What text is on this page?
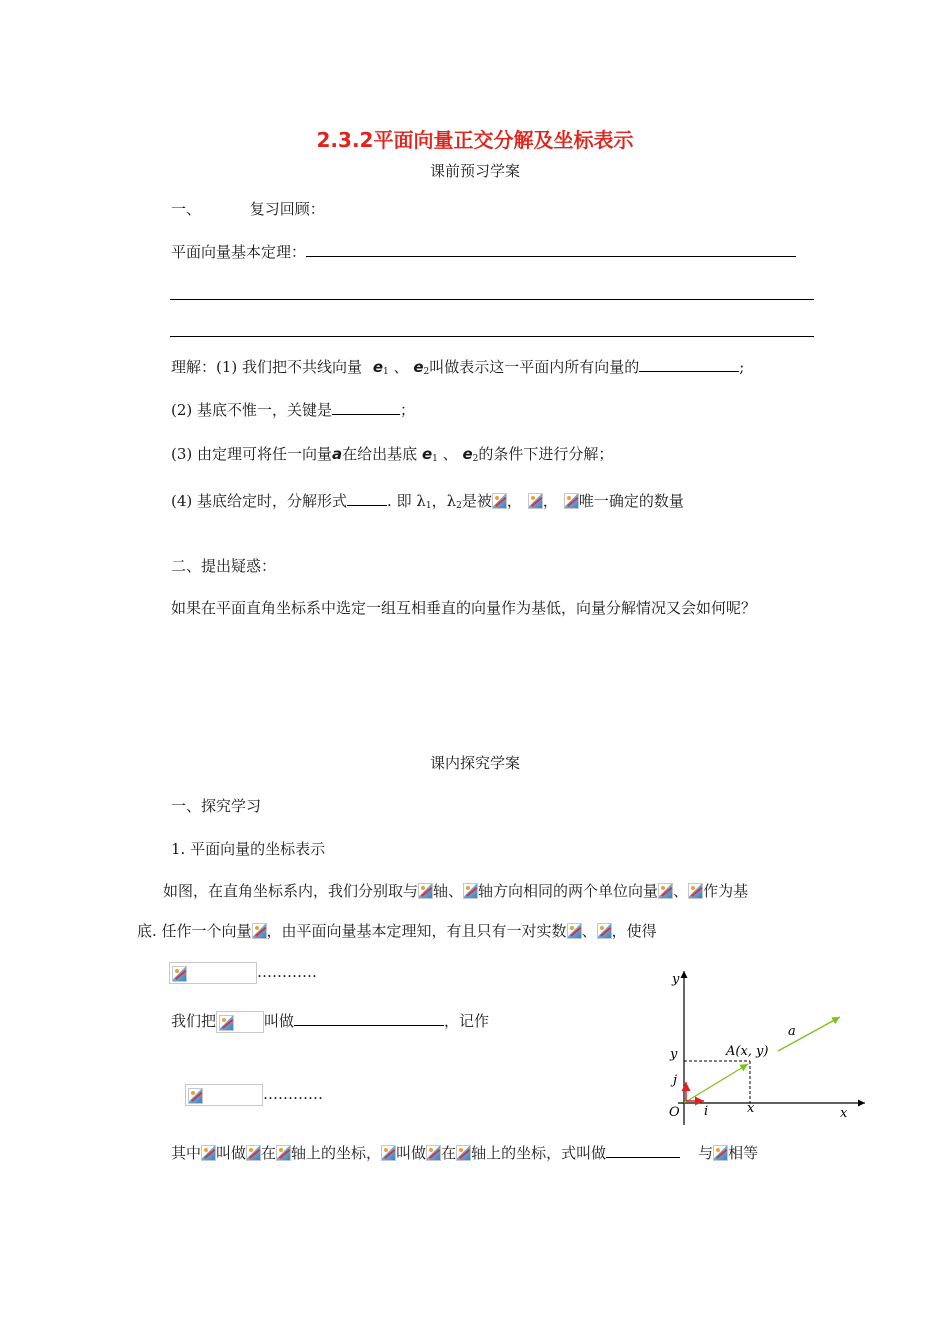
2.3.2平面向量正交分解及坐标表示
课前预习学案
一、	复习回顾：
平面向量基本定理：
理解：(1) 我们把不共线向量 $e_1$ 、 $e_2$叫做表示这一平面内所有向量的	;
(2) 基底不惟一，关键是	；
(3) 由定理可将任一向量a在给出基底 $e_1$ 、 $e_2$的条件下进行分解；
(4) 基底给定时，分解形式	. 即 $\lambda_1$，$\lambda_2$是被 ， ， 唯一确定的数量
二、提出疑惑：
如果在平面直角坐标系中选定一组互相垂直的向量作为基低，向量分解情况又会如何呢？
课内探究学案
一、探究学习
1. 平面向量的坐标表示
如图，在直角坐标系内，我们分别取与 轴、 轴方向相同的两个单位向量 、 作为基
底. 任作一个向量 ，由平面向量基本定理知，有且只有一对实数 、 ，使得
…………
我们把	叫做	，记作
…………
其中 叫做 在 轴上的坐标， 叫做 在 轴上的坐标，式叫做	与 相等
y
x
O
y
x
j
i
A(x, y)
a
